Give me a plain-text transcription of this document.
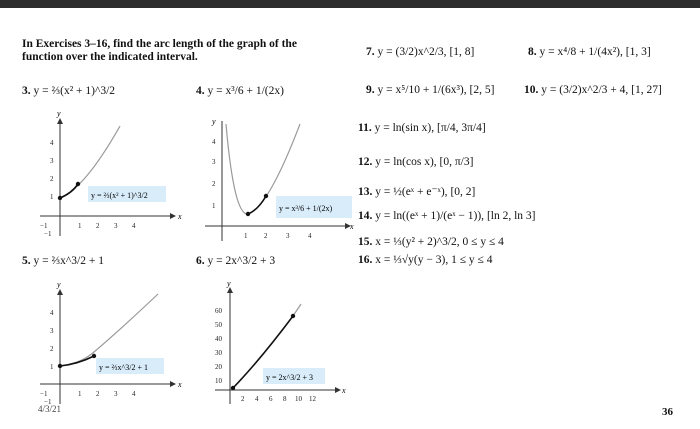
In Exercises 3–16, find the arc length of the graph of the
function over the indicated interval.
3. y = ⅔(x² + 1)^3/2	4. y = x³/6 + 1/(2x)
x
y
−1	1 2 3 4
4
3
2
1
−1
y = ⅔(x² + 1)^3/2
x
y
1 2	3	4
4
3
2
1	y = x³/6 + 1/(2x)
5. y = ⅔x^3/2 + 1	6. y = 2x^3/2 + 3
x
y
−1	1 2 3 4
4
3
2
1
−1
y = ⅔x^3/2 + 1
x
y
2 4 6 8 10 12
60
50
40
30
20
10	y = 2x^3/2 + 3
7. y = (3/2)x^2/3, [1, 8]	8. y = x⁴/8 + 1/(4x²), [1, 3]
9. y = x⁵/10 + 1/(6x³), [2, 5]	10. y = (3/2)x^2/3 + 4, [1, 27]
11. y = ln(sin x), [π/4, 3π/4]
12. y = ln(cos x), [0, π/3]
13. y = ½(eˣ + e⁻ˣ), [0, 2]
14. y = ln((eˣ + 1)/(eˣ − 1)), [ln 2, ln 3]
15. x = ⅓(y² + 2)^3/2, 0 ≤ y ≤ 4
16. x = ⅓√y(y − 3), 1 ≤ y ≤ 4
4/3/21	36
